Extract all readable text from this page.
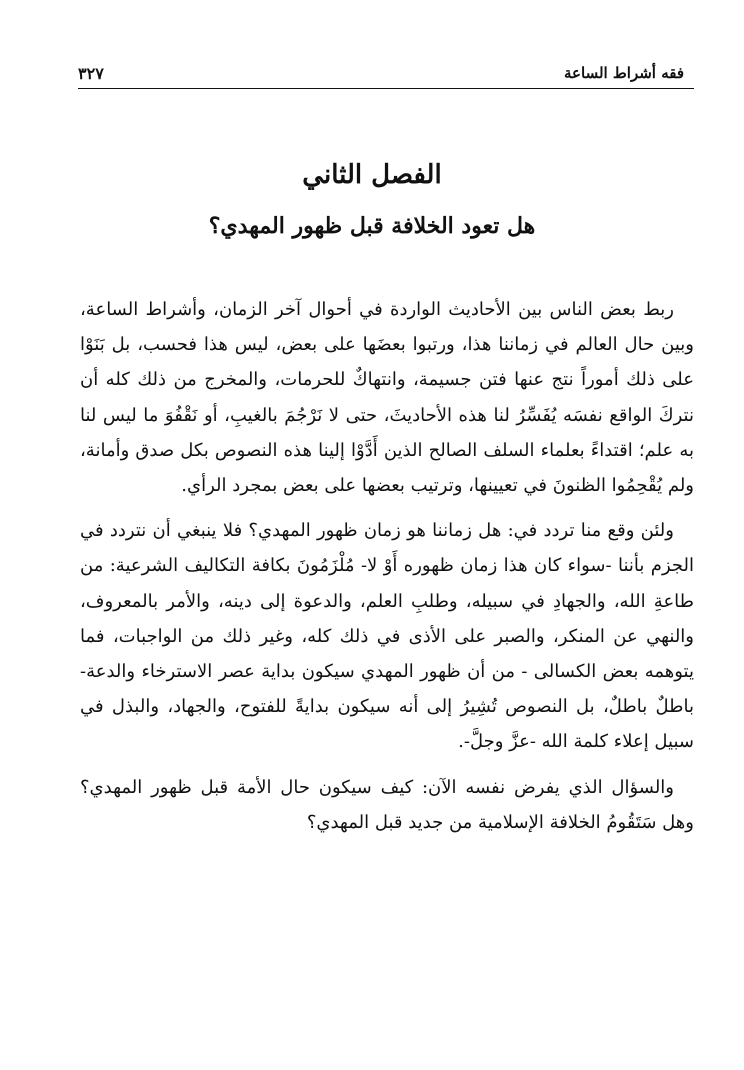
فقه أشراط الساعة
٣٢٧
الفصل الثاني
هل تعود الخلافة قبل ظهور المهدي؟

ربط بعض الناس بين الأحاديث الواردة في أحوال آخر الزمان، وأشراط الساعة، وبين حال العالم في زماننا هذا، ورتبوا بعضَها على بعض، ليس هذا فحسب، بل بَنَوْا على ذلك أموراً نتج عنها فتن جسيمة، وانتهاكٌ للحرمات، والمخرج من ذلك كله أن نتركَ الواقع نفسَه يُفَسِّرُ لنا هذه الأحاديثَ، حتى لا نَرْجُمَ بالغيبِ، أو نَقْفُوَ ما ليس لنا به علم؛ اقتداءً بعلماء السلف الصالح الذين أَدَّوْا إلينا هذه النصوص بكل صدق وأمانة، ولم يُقْحِمُوا الظنونَ في تعيينها، وترتيب بعضها على بعض بمجرد الرأي.

ولئن وقع منا تردد في: هل زماننا هو زمان ظهور المهدي؟ فلا ينبغي أن نتردد في الجزم بأننا -سواء كان هذا زمان ظهوره أَوْ لا- مُلْزَمُونَ بكافة التكاليف الشرعية: من طاعةِ الله، والجهادِ في سبيله، وطلبِ العلم، والدعوة إلى دينه، والأمر بالمعروف، والنهي عن المنكر، والصبر على الأذى في ذلك كله، وغير ذلك من الواجبات، فما يتوهمه بعض الكسالى - من أن ظهور المهدي سيكون بداية عصر الاسترخاء والدعة- باطلٌ باطلٌ، بل النصوص تُشِيرُ إلى أنه سيكون بدايةً للفتوح، والجهاد، والبذل في سبيل إعلاء كلمة الله -عزَّ وجلَّ-.

والسؤال الذي يفرض نفسه الآن: كيف سيكون حال الأمة قبل ظهور المهدي؟ وهل سَتَقُومُ الخلافة الإسلامية من جديد قبل المهدي؟
